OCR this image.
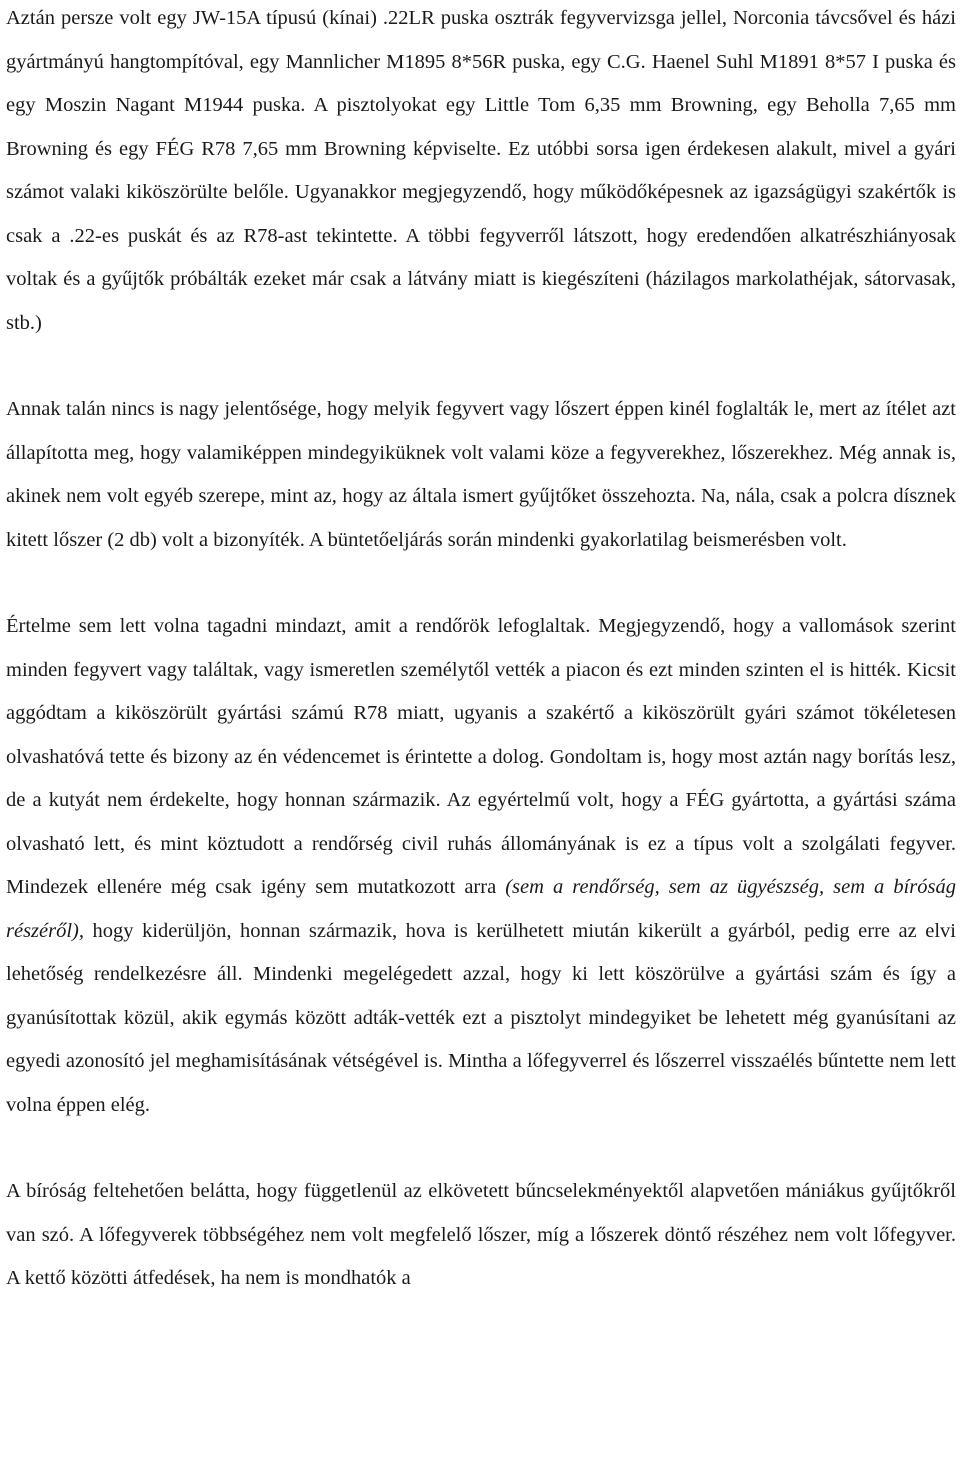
Aztán persze volt egy JW-15A típusú (kínai) .22LR puska osztrák fegyvervizsga jellel, Norconia távcsővel és házi gyártmányú hangtompítóval, egy Mannlicher M1895 8*56R puska, egy C.G. Haenel Suhl M1891 8*57 I puska és egy Moszin Nagant M1944 puska. A pisztolyokat egy Little Tom 6,35 mm Browning, egy Beholla 7,65 mm Browning és egy FÉG R78 7,65 mm Browning képviselte. Ez utóbbi sorsa igen érdekesen alakult, mivel a gyári számot valaki kiköszörülte belőle. Ugyanakkor megjegyzendő, hogy működőképesnek az igazságügyi szakértők is csak a .22-es puskát és az R78-ast tekintette. A többi fegyverről látszott, hogy eredendően alkatrészhiányosak voltak és a gyűjtők próbálták ezeket már csak a látvány miatt is kiegészíteni (házilagos markolathéjak, sátorvasak, stb.)

Annak talán nincs is nagy jelentősége, hogy melyik fegyvert vagy lőszert éppen kinél foglalták le, mert az ítélet azt állapította meg, hogy valamiképpen mindegyiküknek volt valami köze a fegyverekhez, lőszerekhez. Még annak is, akinek nem volt egyéb szerepe, mint az, hogy az általa ismert gyűjtőket összehozta. Na, nála, csak a polcra dísznek kitett lőszer (2 db) volt a bizonyíték. A büntetőeljárás során mindenki gyakorlatilag beismerésben volt.

Értelme sem lett volna tagadni mindazt, amit a rendőrök lefoglaltak. Megjegyzendő, hogy a vallomások szerint minden fegyvert vagy találtak, vagy ismeretlen személytől vették a piacon és ezt minden szinten el is hitték. Kicsit aggódtam a kiköszörült gyártási számú R78 miatt, ugyanis a szakértő a kiköszörült gyári számot tökéletesen olvashatóvá tette és bizony az én védencemet is érintette a dolog. Gondoltam is, hogy most aztán nagy borítás lesz, de a kutyát nem érdekelte, hogy honnan származik. Az egyértelmű volt, hogy a FÉG gyártotta, a gyártási száma olvasható lett, és mint köztudott a rendőrség civil ruhás állományának is ez a típus volt a szolgálati fegyver. Mindezek ellenére még csak igény sem mutatkozott arra (sem a rendőrség, sem az ügyészség, sem a bíróság részéről), hogy kiderüljön, honnan származik, hova is kerülhetett miután kikerült a gyárból, pedig erre az elvi lehetőség rendelkezésre áll. Mindenki megelégedett azzal, hogy ki lett köszörülve a gyártási szám és így a gyanúsítottak közül, akik egymás között adták-vették ezt a pisztolyt mindegyiket be lehetett még gyanúsítani az egyedi azonosító jel meghamisításának vétségével is. Mintha a lőfegyverrel és lőszerrel visszaélés bűntette nem lett volna éppen elég.

A bíróság feltehetően belátta, hogy függetlenül az elkövetett bűncselekményektől alapvetően mániákus gyűjtőkről van szó. A lőfegyverek többségéhez nem volt megfelelő lőszer, míg a lőszerek döntő részéhez nem volt lőfegyver. A kettő közötti átfedések, ha nem is mondhatók a
